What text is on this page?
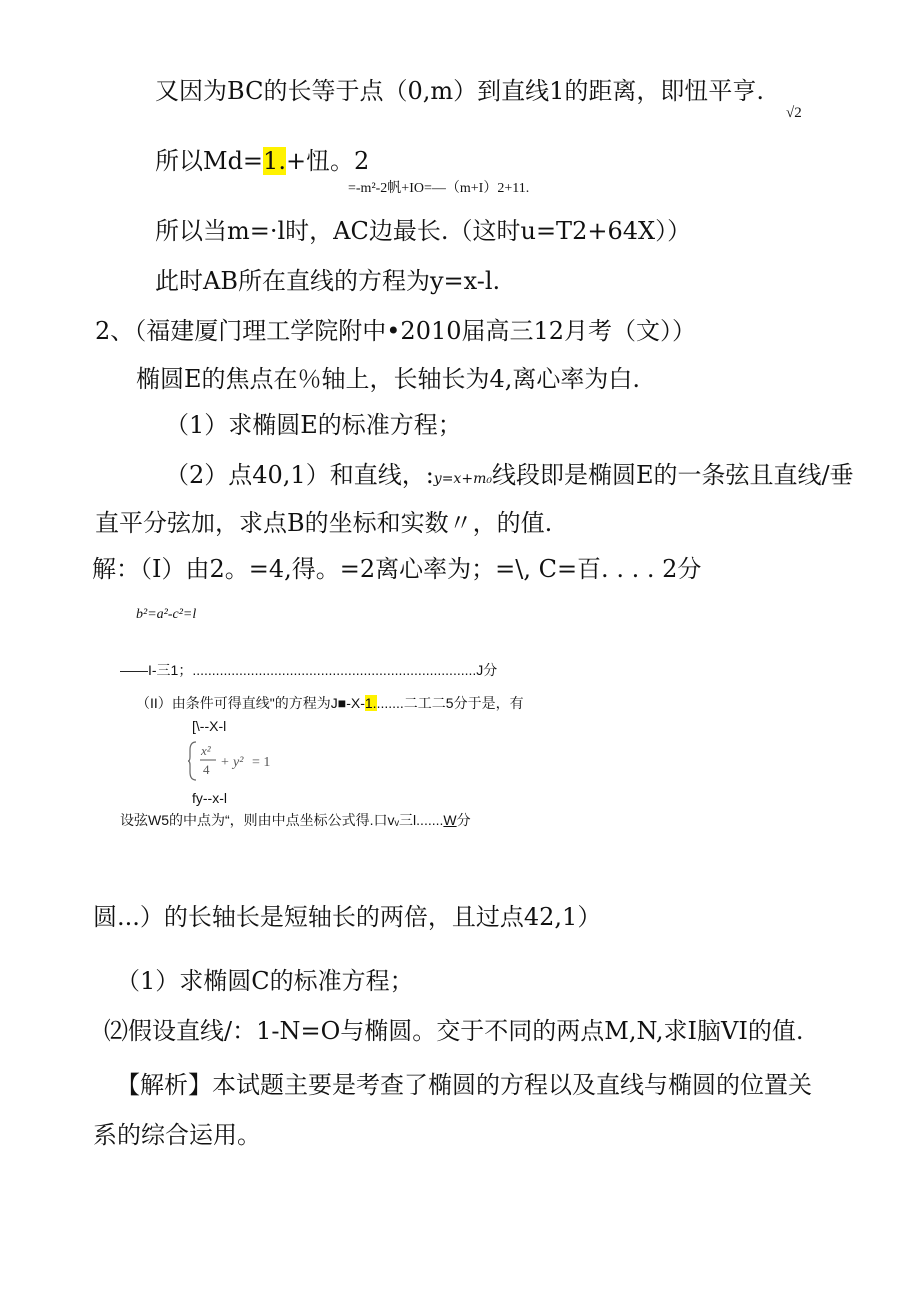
又因为BC的长等于点（0,m）到直线1的距离，即忸平亨.
√2
所以Md=1.+忸。2
=-m²-2帆+IO=—（m+I）2+11.
所以当m=·l时，AC边最长.（这时u=T2+64X））
此时AB所在直线的方程为y=x-l.
2、（福建厦门理工学院附中•2010届高三12月考（文））
椭圆E的焦点在％轴上，长轴长为4,离心率为白.
（1）求椭圆E的标准方程；
（2）点40,1）和直线，:y=x+m₀线段即是椭圆E的一条弦且直线/垂
直平分弦加，求点B的坐标和实数〃，的值.
解：（I）由2。=4,得。=2离心率为；=\, C=百. . . . 2分
b²=a²-c²=l
——I-三1；.........................................................................J分
（II）由条件可得直线"的方程为J■-X-1........二工二5分于是，有
[\--X-l
x²
4 + y² = 1
fy--x-l
设弦W5的中点为“，则由中点坐标公式得.口vᵥ三l.......W分
圆...）的长轴长是短轴长的两倍，且过点42,1）
（1）求椭圆C的标准方程；
⑵假设直线/：1-N=O与椭圆。交于不同的两点M,N,求I脑VI的值.
【解析】本试题主要是考查了椭圆的方程以及直线与椭圆的位置关
系的综合运用。
